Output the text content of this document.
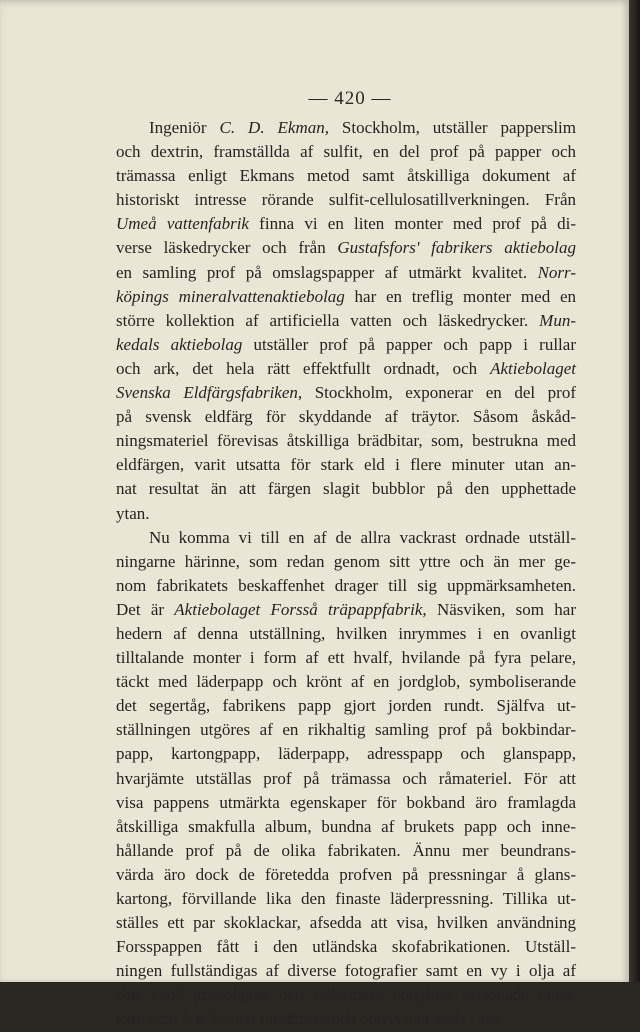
— 420 —
Ingeniör C. D. Ekman, Stockholm, utställer papperslim
och dextrin, framställda af sulfit, en del prof på papper och
trämassa enligt Ekmans metod samt åtskilliga dokument af
historiskt intresse rörande sulfit-cellulosatillverkningen. Från
Umeå vattenfabrik finna vi en liten monter med prof på di-
verse läskedrycker och från Gustafsfors' fabrikers aktiebolag
en samling prof på omslagspapper af utmärkt kvalitet. Norr-
köpings mineralvattenaktiebolag har en treflig monter med en
större kollektion af artificiella vatten och läskedrycker. Mun-
kedals aktiebolag utställer prof på papper och papp i rullar
och ark, det hela rätt effektfullt ordnadt, och Aktiebolaget
Svenska Eldfärgsfabriken, Stockholm, exponerar en del prof
på svensk eldfärg för skyddande af träytor. Såsom åskåd-
ningsmateriel förevisas åtskilliga brädbitar, som, bestrukna med
eldfärgen, varit utsatta för stark eld i flere minuter utan an-
nat resultat än att färgen slagit bubblor på den upphettade
ytan.
Nu komma vi till en af de allra vackrast ordnade utställ-
ningarne härinne, som redan genom sitt yttre och än mer ge-
nom fabrikatets beskaffenhet drager till sig uppmärksamheten.
Det är Aktiebolaget Forsså träpappfabrik, Näsviken, som har
hedern af denna utställning, hvilken inrymmes i en ovanligt
tilltalande monter i form af ett hvalf, hvilande på fyra pelare,
täckt med läderpapp och krönt af en jordglob, symboliserande
det segertåg, fabrikens papp gjort jorden rundt. Själfva ut-
ställningen utgöres af en rikhaltig samling prof på bokbindar-
papp, kartongpapp, läderpapp, adresspapp och glanspapp,
hvarjämte utställas prof på trämassa och råmateriel. För att
visa pappens utmärkta egenskaper för bokband äro framlagda
åtskilliga smakfulla album, bundna af brukets papp och inne-
hållande prof på de olika fabrikaten. Ännu mer beundrans-
värda äro dock de företedda profven på pressningar å glans-
kartong, förvillande lika den finaste läderpressning. Tillika ut-
ställes ett par skoklackar, afsedda att visa, hvilken användning
Forsspappen fått i den utländska skofabrikationen. Utställ-
ningen fullständigas af diverse fotografier samt en vy i olja af
den 1868 grundlagda och sedermera betydligt utvidgade fabri-
ken, som f. n. är den förnämsta och delvis den enda i sitt
